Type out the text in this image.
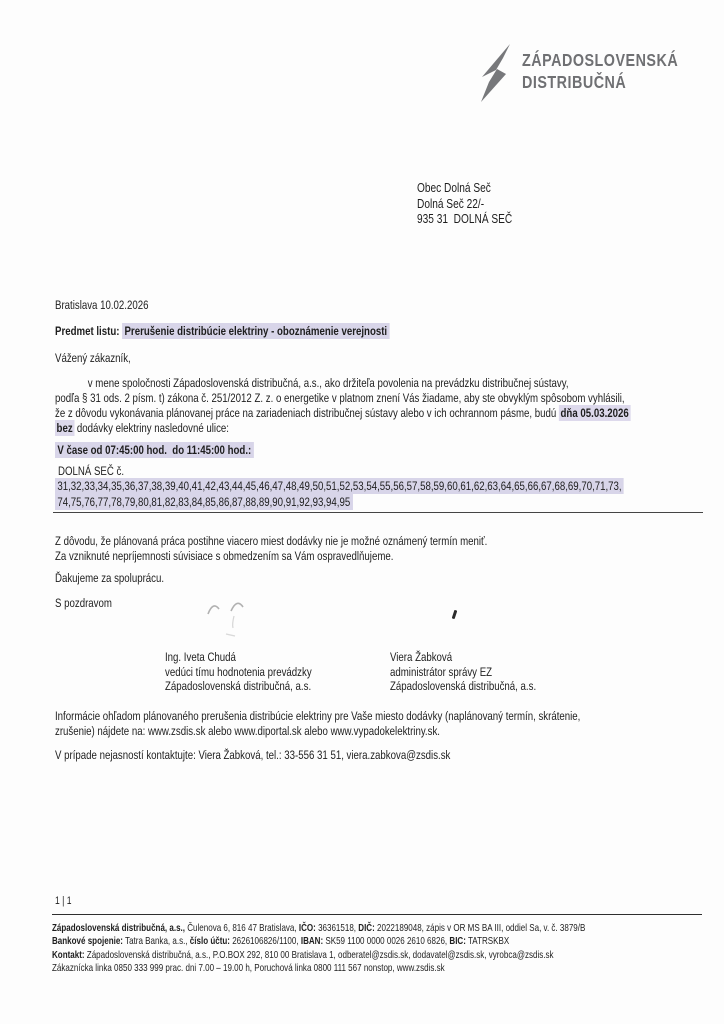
ZÁPADOSLOVENSKÁ
DISTRIBUČNÁ
Obec Dolná Seč
Dolná Seč 22/-
935 31  DOLNÁ SEČ
Bratislava 10.02.2026
Predmet listu: Prerušenie distribúcie elektriny - oboznámenie verejnosti
Vážený zákazník,
v mene spoločnosti Západoslovenská distribučná, a.s., ako držiteľa povolenia na prevádzku distribučnej sústavy,
podľa § 31 ods. 2 písm. t) zákona č. 251/2012 Z. z. o energetike v platnom znení Vás žiadame, aby ste obvyklým spôsobom vyhlásili,
že z dôvodu vykonávania plánovanej práce na zariadeniach distribučnej sústavy alebo v ich ochrannom pásme, budú dňa 05.03.2026
bez dodávky elektriny nasledovné ulice:
V čase od 07:45:00 hod.  do 11:45:00 hod.:
DOLNÁ SEČ č.
31,32,33,34,35,36,37,38,39,40,41,42,43,44,45,46,47,48,49,50,51,52,53,54,55,56,57,58,59,60,61,62,63,64,65,66,67,68,69,70,71,73,
74,75,76,77,78,79,80,81,82,83,84,85,86,87,88,89,90,91,92,93,94,95
Z dôvodu, že plánovaná práca postihne viacero miest dodávky nie je možné oznámený termín meniť.
Za vzniknuté nepríjemnosti súvisiace s obmedzením sa Vám ospravedlňujeme.
Ďakujeme za spoluprácu.
S pozdravom
Ing. Iveta Chudá
vedúci tímu hodnotenia prevádzky
Západoslovenská distribučná, a.s.
Viera Žabková
administrátor správy EZ
Západoslovenská distribučná, a.s.
Informácie ohľadom plánovaného prerušenia distribúcie elektriny pre Vaše miesto dodávky (naplánovaný termín, skrátenie,
zrušenie) nájdete na: www.zsdis.sk alebo www.diportal.sk alebo www.vypadokelektriny.sk.
V prípade nejasností kontaktujte: Viera Žabková, tel.: 33-556 31 51, viera.zabkova@zsdis.sk
1 | 1
Západoslovenská distribučná, a.s., Čulenova 6, 816 47 Bratislava, IČO: 36361518, DIČ: 2022189048, zápis v OR MS BA III, oddiel Sa, v. č. 3879/B
Bankové spojenie: Tatra Banka, a.s., číslo účtu: 2626106826/1100, IBAN: SK59 1100 0000 0026 2610 6826, BIC: TATRSKBX
Kontakt: Západoslovenská distribučná, a.s., P.O.BOX 292, 810 00 Bratislava 1, odberatel@zsdis.sk, dodavatel@zsdis.sk, vyrobca@zsdis.sk
Zákaznícka linka 0850 333 999 prac. dni 7.00 – 19.00 h, Poruchová linka 0800 111 567 nonstop, www.zsdis.sk
